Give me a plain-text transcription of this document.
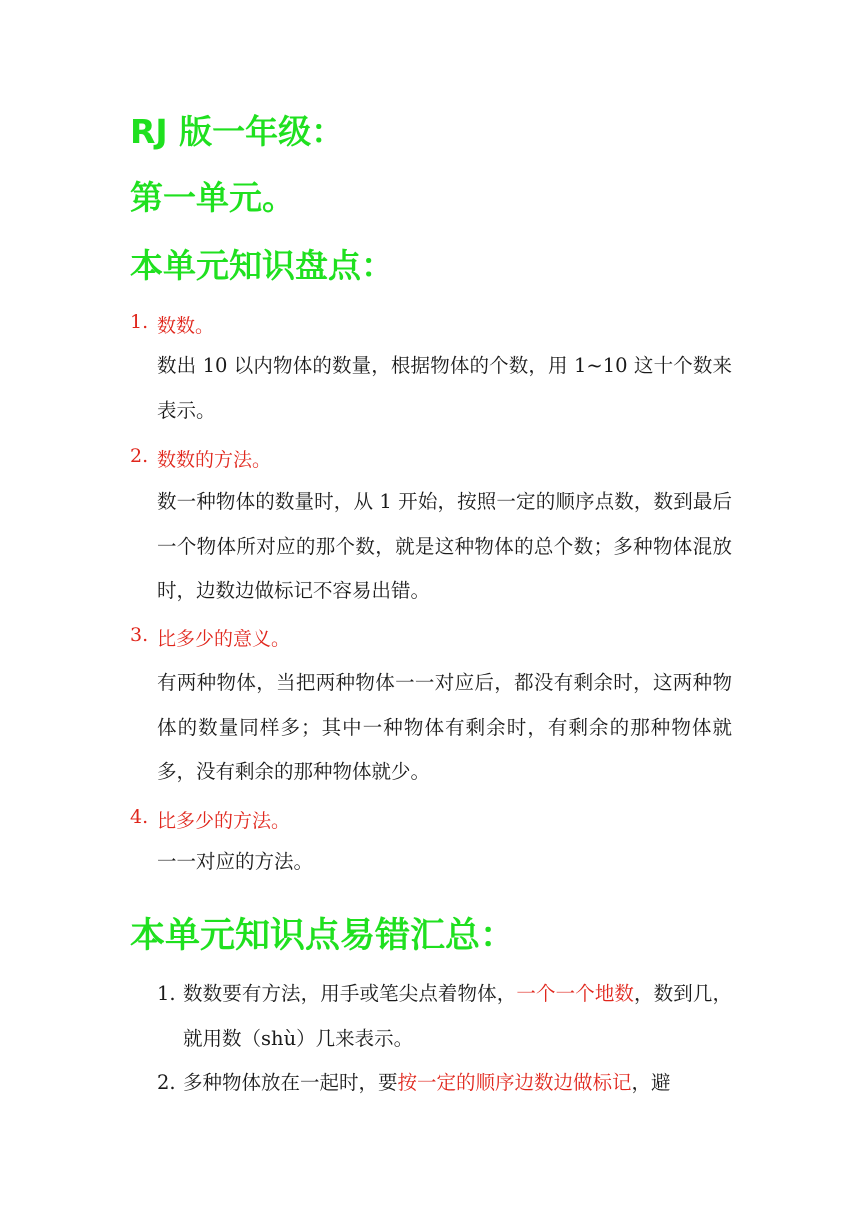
RJ 版一年级：
第一单元。
本单元知识盘点：
1. 数数。
数出 10 以内物体的数量，根据物体的个数，用 1~10 这十个数来表示。
2. 数数的方法。
数一种物体的数量时，从 1 开始，按照一定的顺序点数，数到最后一个物体所对应的那个数，就是这种物体的总个数；多种物体混放时，边数边做标记不容易出错。
3. 比多少的意义。
有两种物体，当把两种物体一一对应后，都没有剩余时，这两种物体的数量同样多；其中一种物体有剩余时，有剩余的那种物体就多，没有剩余的那种物体就少。
4. 比多少的方法。
一一对应的方法。
本单元知识点易错汇总：
1. 数数要有方法，用手或笔尖点着物体，一个一个地数，数到几，就用数（shù）几来表示。
2. 多种物体放在一起时，要按一定的顺序边数边做标记，避
